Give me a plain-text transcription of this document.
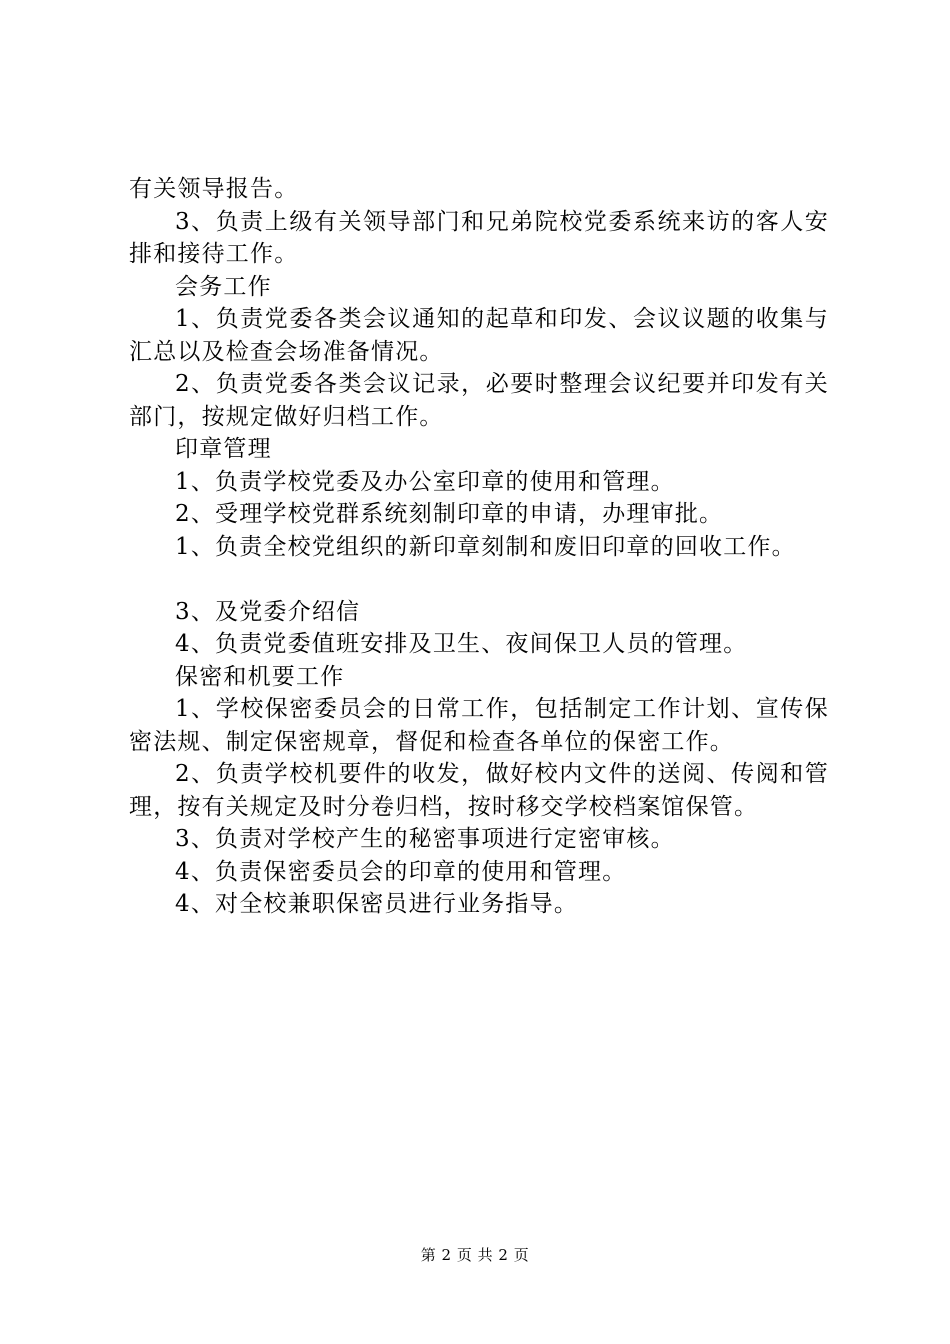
有关领导报告。

3、负责上级有关领导部门和兄弟院校党委系统来访的客人安排和接待工作。

会务工作

1、负责党委各类会议通知的起草和印发、会议议题的收集与汇总以及检查会场准备情况。

2、负责党委各类会议记录，必要时整理会议纪要并印发有关部门，按规定做好归档工作。

印章管理

1、负责学校党委及办公室印章的使用和管理。

2、受理学校党群系统刻制印章的申请，办理审批。

1、负责全校党组织的新印章刻制和废旧印章的回收工作。

3、及党委介绍信

4、负责党委值班安排及卫生、夜间保卫人员的管理。

保密和机要工作

1、学校保密委员会的日常工作，包括制定工作计划、宣传保密法规、制定保密规章，督促和检查各单位的保密工作。

2、负责学校机要件的收发，做好校内文件的送阅、传阅和管理，按有关规定及时分卷归档，按时移交学校档案馆保管。

3、负责对学校产生的秘密事项进行定密审核。

4、负责保密委员会的印章的使用和管理。

4、对全校兼职保密员进行业务指导。

第 2 页 共 2 页
